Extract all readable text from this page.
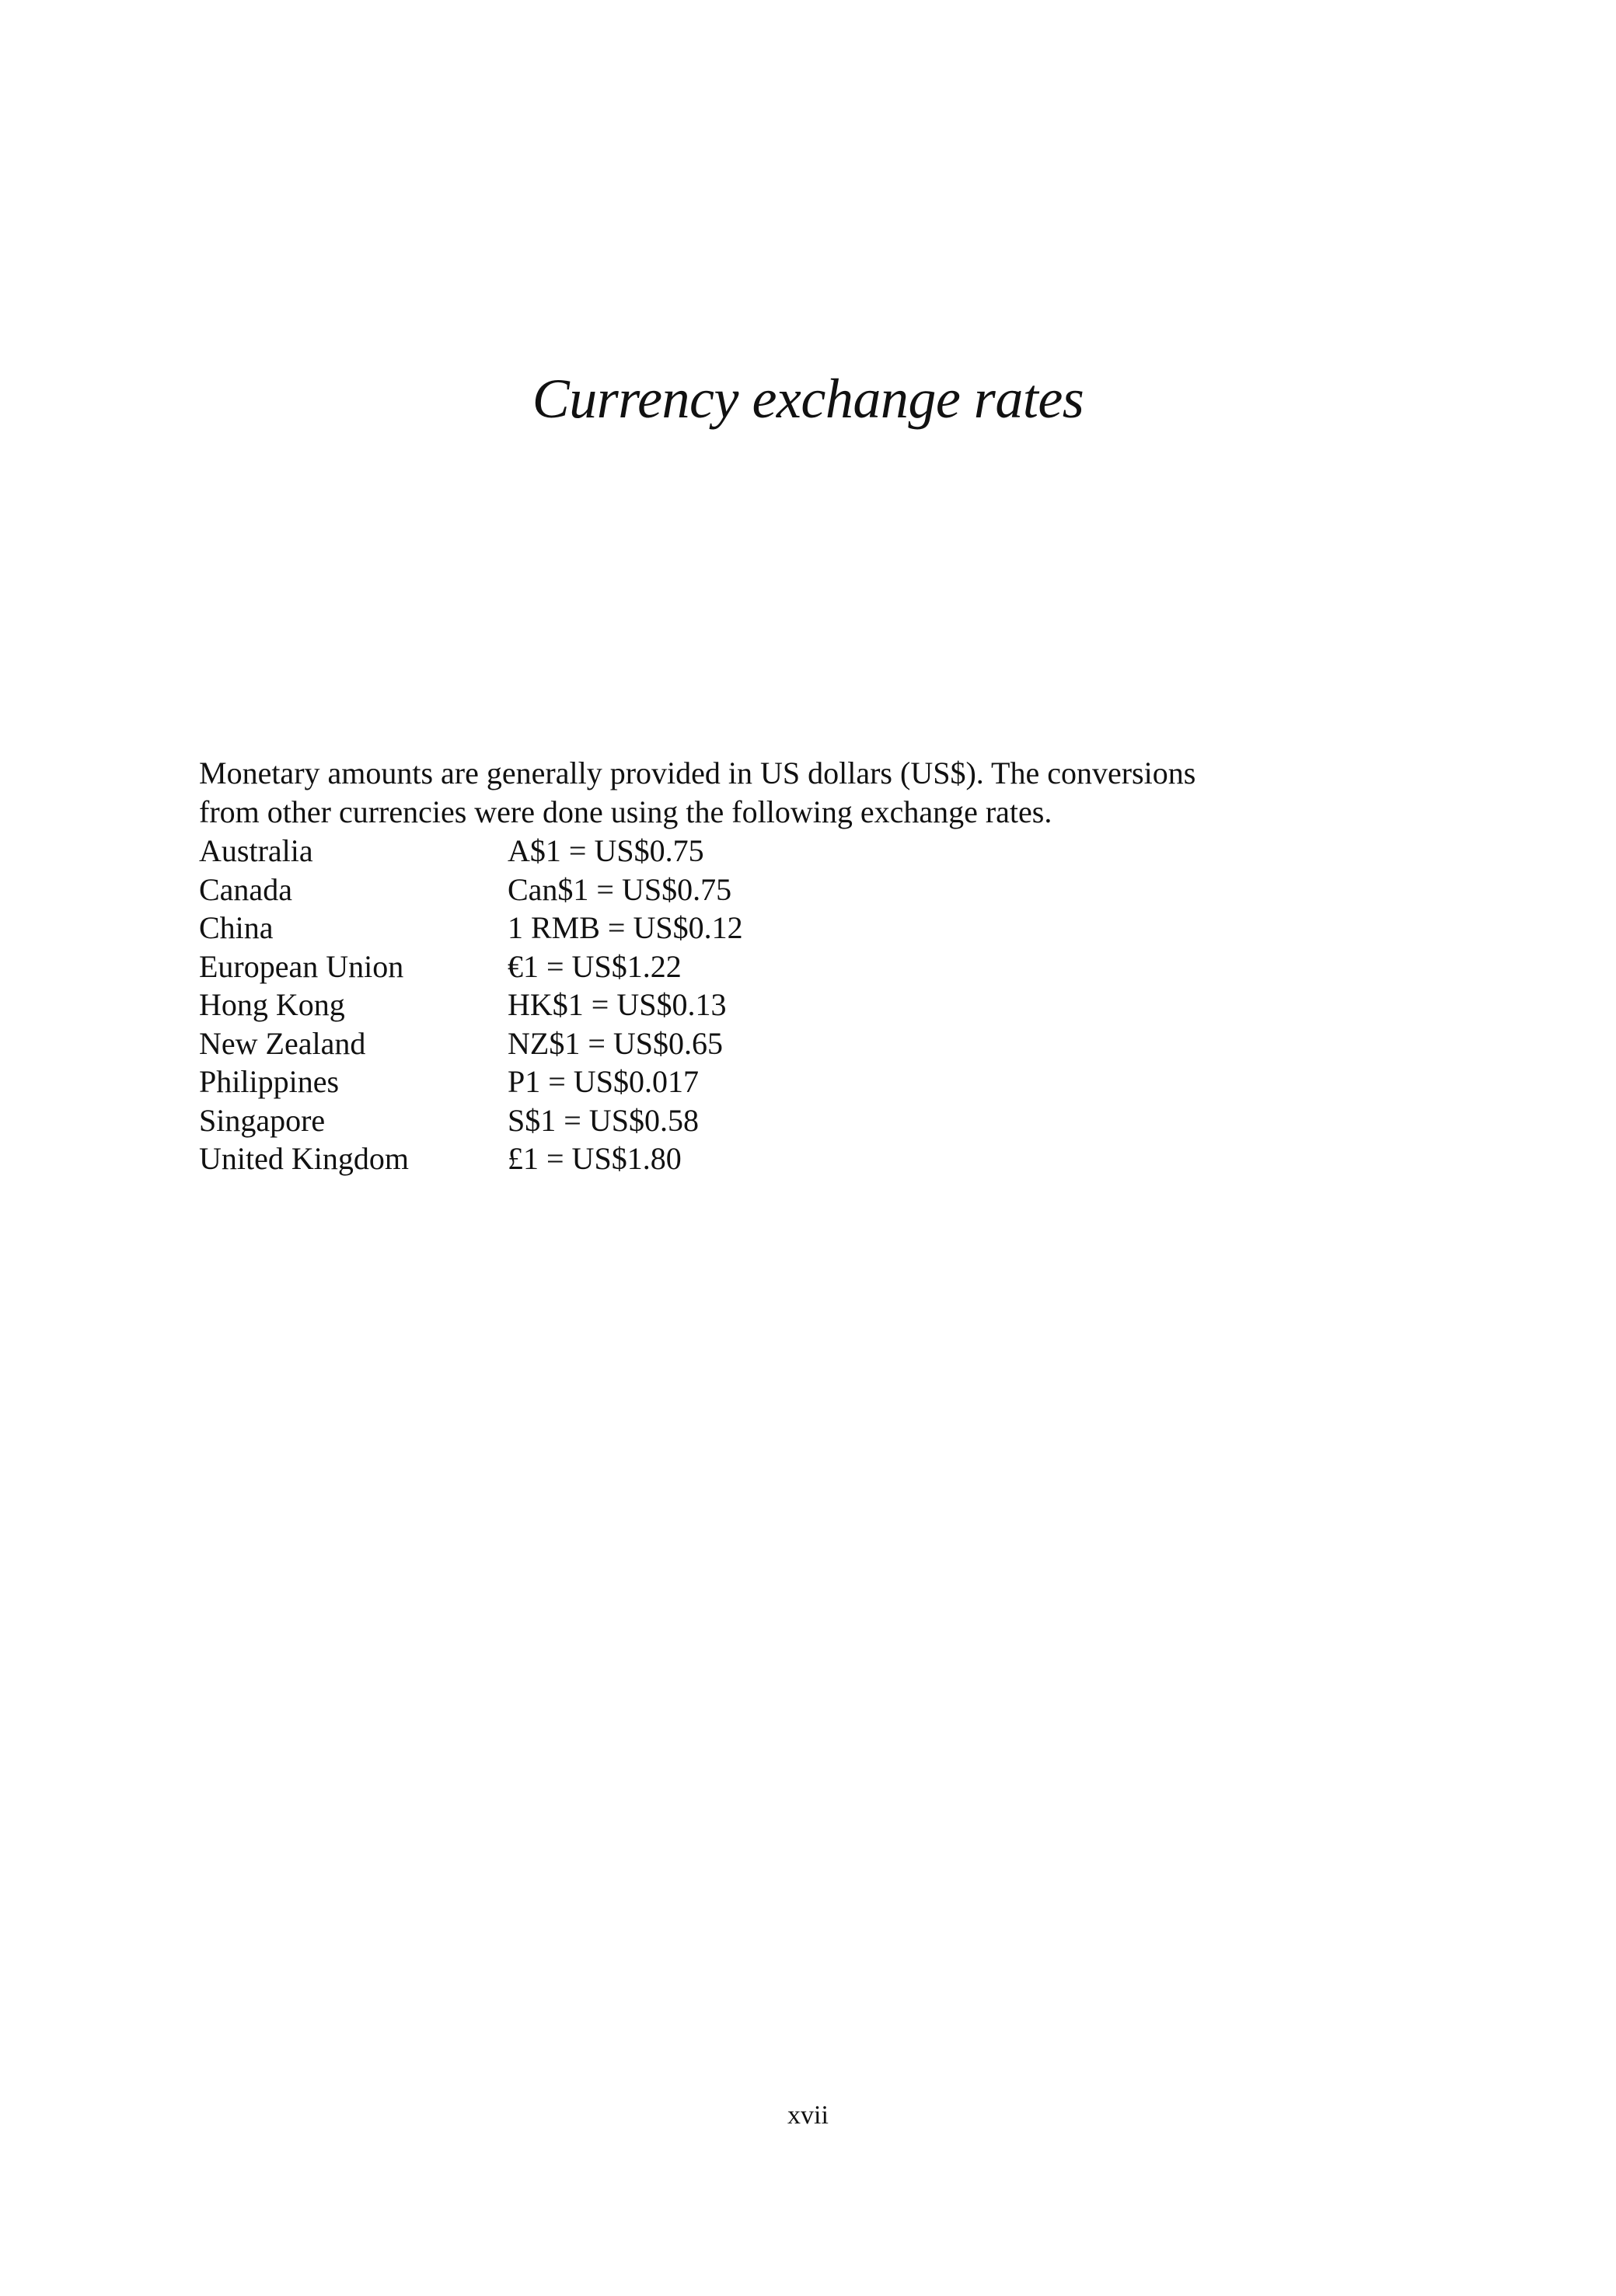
Currency exchange rates

Monetary amounts are generally provided in US dollars (US$). The conversions

from other currencies were done using the following exchange rates.

Australia	A$1 = US$0.75
Canada	Can$1 = US$0.75
China	1 RMB = US$0.12
European Union	€1 = US$1.22
Hong Kong	HK$1 = US$0.13
New Zealand	NZ$1 = US$0.65
Philippines	P1 = US$0.017
Singapore	S$1 = US$0.58
United Kingdom	£1 = US$1.80
xvii
